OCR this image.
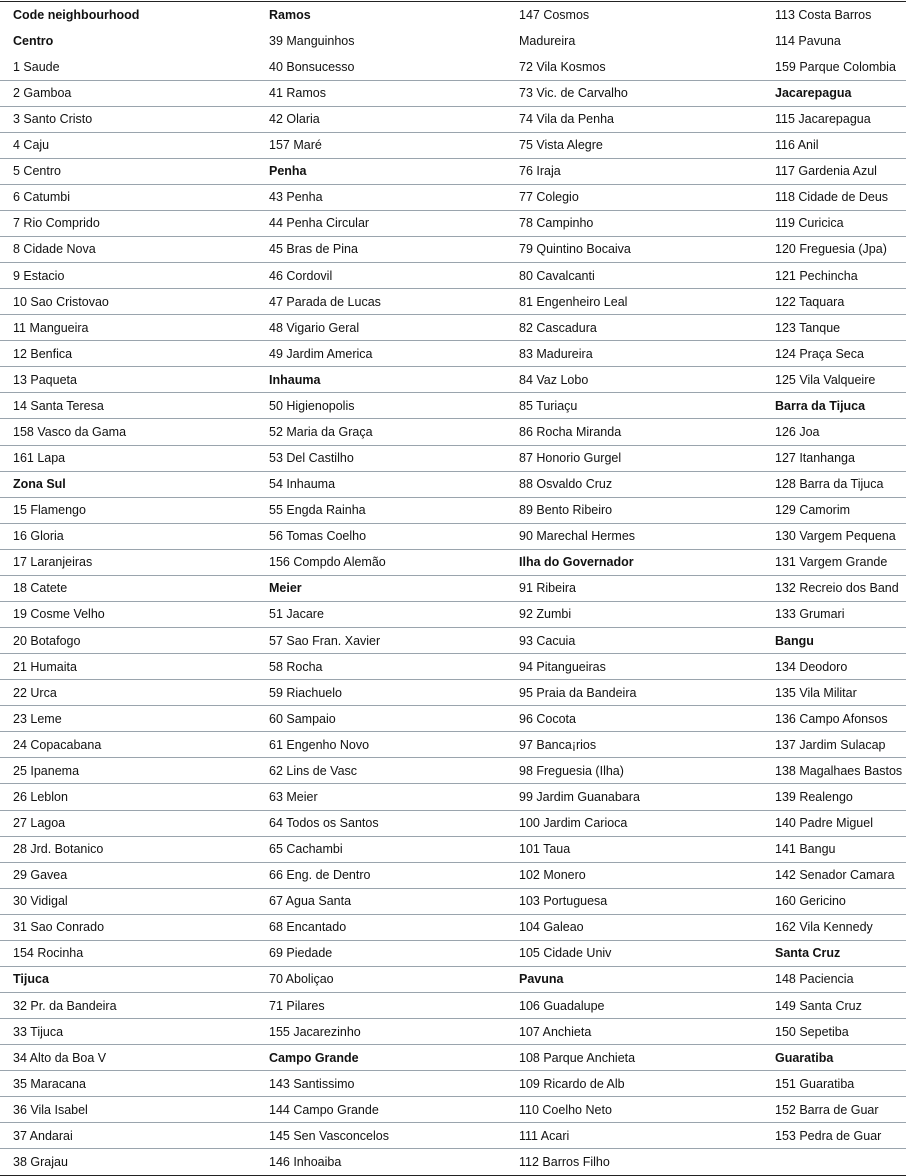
Code neighbourhood	Ramos	147 Cosmos	113 Costa Barros
Centro	39 Manguinhos	Madureira	114 Pavuna
1 Saude	40 Bonsucesso	72 Vila Kosmos	159 Parque Colombia
2 Gamboa	41 Ramos	73 Vic. de Carvalho	Jacarepagua
3 Santo Cristo	42 Olaria	74 Vila da Penha	115 Jacarepagua
4 Caju	157 Maré	75 Vista Alegre	116 Anil
5 Centro	Penha	76 Iraja	117 Gardenia Azul
6 Catumbi	43 Penha	77 Colegio	118 Cidade de Deus
7 Rio Comprido	44 Penha Circular	78 Campinho	119 Curicica
8 Cidade Nova	45 Bras de Pina	79 Quintino Bocaiva	120 Freguesia (Jpa)
9 Estacio	46 Cordovil	80 Cavalcanti	121 Pechincha
10 Sao Cristovao	47 Parada de Lucas	81 Engenheiro Leal	122 Taquara
11 Mangueira	48 Vigario Geral	82 Cascadura	123 Tanque
12 Benfica	49 Jardim America	83 Madureira	124 Praça Seca
13 Paqueta	Inhauma	84 Vaz Lobo	125 Vila Valqueire
14 Santa Teresa	50 Higienopolis	85 Turiaçu	Barra da Tijuca
158 Vasco da Gama	52 Maria da Graça	86 Rocha Miranda	126 Joa
161 Lapa	53 Del Castilho	87 Honorio Gurgel	127 Itanhanga
Zona Sul	54 Inhauma	88 Osvaldo Cruz	128 Barra da Tijuca
15 Flamengo	55 Engda Rainha	89 Bento Ribeiro	129 Camorim
16 Gloria	56 Tomas Coelho	90 Marechal Hermes	130 Vargem Pequena
17 Laranjeiras	156 Compdo Alemão	Ilha do Governador	131 Vargem Grande
18 Catete	Meier	91 Ribeira	132 Recreio dos Band
19 Cosme Velho	51 Jacare	92 Zumbi	133 Grumari
20 Botafogo	57 Sao Fran. Xavier	93 Cacuia	Bangu
21 Humaita	58 Rocha	94 Pitangueiras	134 Deodoro
22 Urca	59 Riachuelo	95 Praia da Bandeira	135 Vila Militar
23 Leme	60 Sampaio	96 Cocota	136 Campo Afonsos
24 Copacabana	61 Engenho Novo	97 Banca¡rios	137 Jardim Sulacap
25 Ipanema	62 Lins de Vasc	98 Freguesia (Ilha)	138 Magalhaes Bastos
26 Leblon	63 Meier	99 Jardim Guanabara	139 Realengo
27 Lagoa	64 Todos os Santos	100 Jardim Carioca	140 Padre Miguel
28 Jrd. Botanico	65 Cachambi	101 Taua	141 Bangu
29 Gavea	66 Eng. de Dentro	102 Monero	142 Senador Camara
30 Vidigal	67 Agua Santa	103 Portuguesa	160 Gericino
31 Sao Conrado	68 Encantado	104 Galeao	162 Vila Kennedy
154 Rocinha	69 Piedade	105 Cidade Univ	Santa Cruz
Tijuca	70 Aboliçao	Pavuna	148 Paciencia
32 Pr. da Bandeira	71 Pilares	106 Guadalupe	149 Santa Cruz
33 Tijuca	155 Jacarezinho	107 Anchieta	150 Sepetiba
34 Alto da Boa V	Campo Grande	108 Parque Anchieta	Guaratiba
35 Maracana	143 Santissimo	109 Ricardo de Alb	151 Guaratiba
36 Vila Isabel	144 Campo Grande	110 Coelho Neto	152 Barra de Guar
37 Andarai	145 Sen Vasconcelos	111 Acari	153 Pedra de Guar
38 Grajau	146 Inhoaiba	112 Barros Filho
